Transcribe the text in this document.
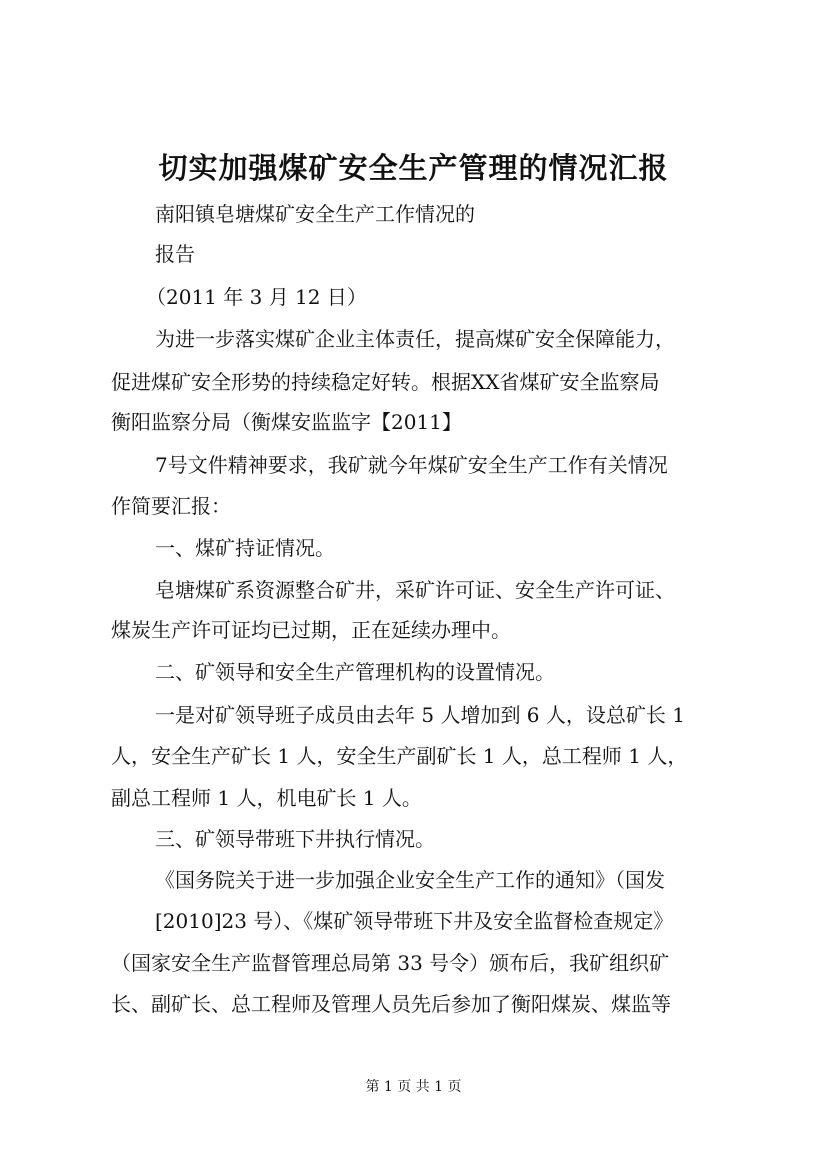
切实加强煤矿安全生产管理的情况汇报

南阳镇皂塘煤矿安全生产工作情况的

报告

（2011 年 3 月 12 日）

为进一步落实煤矿企业主体责任，提高煤矿安全保障能力，

促进煤矿安全形势的持续稳定好转。根据XX省煤矿安全监察局

衡阳监察分局（衡煤安监监字【2011】

7号文件精神要求，我矿就今年煤矿安全生产工作有关情况

作简要汇报：

一、煤矿持证情况。

皂塘煤矿系资源整合矿井，采矿许可证、安全生产许可证、

煤炭生产许可证均已过期，正在延续办理中。

二、矿领导和安全生产管理机构的设置情况。

一是对矿领导班子成员由去年 5 人增加到 6 人，设总矿长 1

人，安全生产矿长 1 人，安全生产副矿长 1 人，总工程师 1 人，

副总工程师 1 人，机电矿长 1 人。

三、矿领导带班下井执行情况。

《国务院关于进一步加强企业安全生产工作的通知》（国发

[2010]23 号）、《煤矿领导带班下井及安全监督检查规定》

（国家安全生产监督管理总局第 33 号令）颁布后，我矿组织矿

长、副矿长、总工程师及管理人员先后参加了衡阳煤炭、煤监等

第 1 页 共 1 页
